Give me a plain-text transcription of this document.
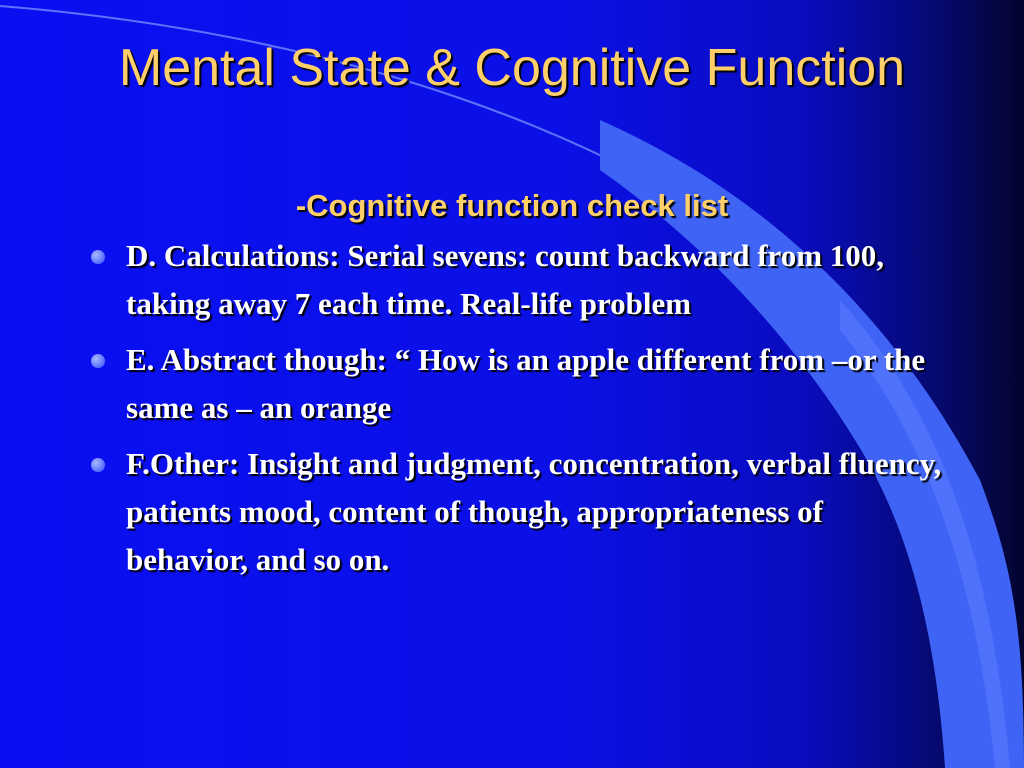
Mental State & Cognitive Function
-Cognitive function check list
D. Calculations: Serial sevens: count backward from 100, taking away 7 each time. Real-life problem
E. Abstract though: “ How is an apple different from –or the same as – an orange
F.Other: Insight and judgment, concentration, verbal fluency, patients mood, content of though, appropriateness of behavior, and so on.
